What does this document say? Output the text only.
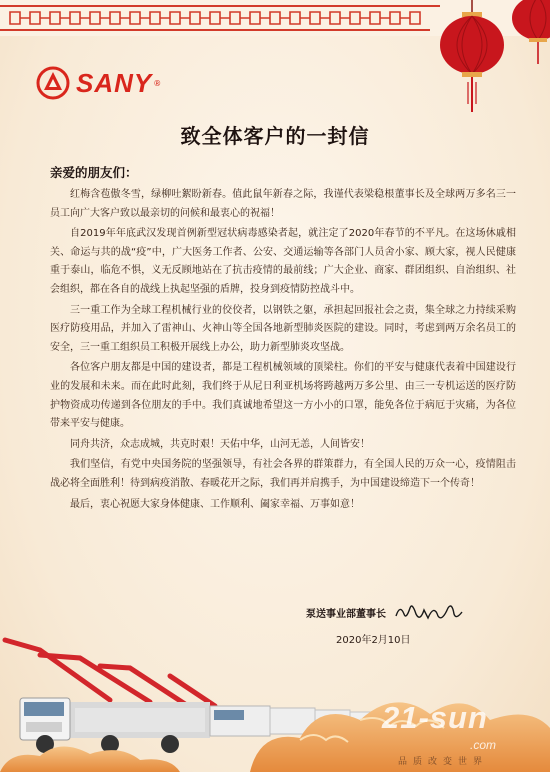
SANY ®
致全体客户的一封信
亲爱的朋友们：

红梅含苞傲冬雪，绿柳吐絮盼新春。值此鼠年新春之际，我谨代表梁稳根董事长及全球两万多名三一员工向广大客户致以最亲切的问候和最衷心的祝福！

自2019年年底武汉发现首例新型冠状病毒感染者起，就注定了2020年春节的不平凡。在这场休戚相关、命运与共的战“疫”中，广大医务工作者、公安、交通运输等各部门人员舍小家、顾大家，视人民健康重于泰山，临危不惧，义无反顾地站在了抗击疫情的最前线；广大企业、商家、群团组织、自治组织、社会组织，都在各自的战线上执起坚强的盾牌，投身到疫情防控战斗中。

三一重工作为全球工程机械行业的佼佼者，以钢铁之躯，承担起回报社会之责，集全球之力持续采购医疗防疫用品，并加入了雷神山、火神山等全国各地新型肺炎医院的建设。同时，考虑到两万余名员工的安全，三一重工组织员工积极开展线上办公，助力新型肺炎攻坚战。

各位客户朋友都是中国的建设者，都是工程机械领域的顶梁柱。你们的平安与健康代表着中国建设行业的发展和未来。而在此时此刻，我们终于从尼日利亚机场将跨越两万多公里、由三一专机运送的医疗防护物资成功传递到各位朋友的手中。我们真诚地希望这一方小小的口罩，能免各位于病厄于灾痛，为各位带来平安与健康。

同舟共济，众志成城，共克时艰！天佑中华，山河无恙，人间皆安！

我们坚信，有党中央国务院的坚强领导，有社会各界的群策群力，有全国人民的万众一心，疫情阻击战必将全面胜利！待到病疫消散、春暖花开之际，我们再并肩携手，为中国建设缔造下一个传奇！

最后，衷心祝愿大家身体健康、工作顺利、阖家幸福、万事如意！

泵送事业部董事长
2020年2月10日
21-sun
.com
品质改变世界
